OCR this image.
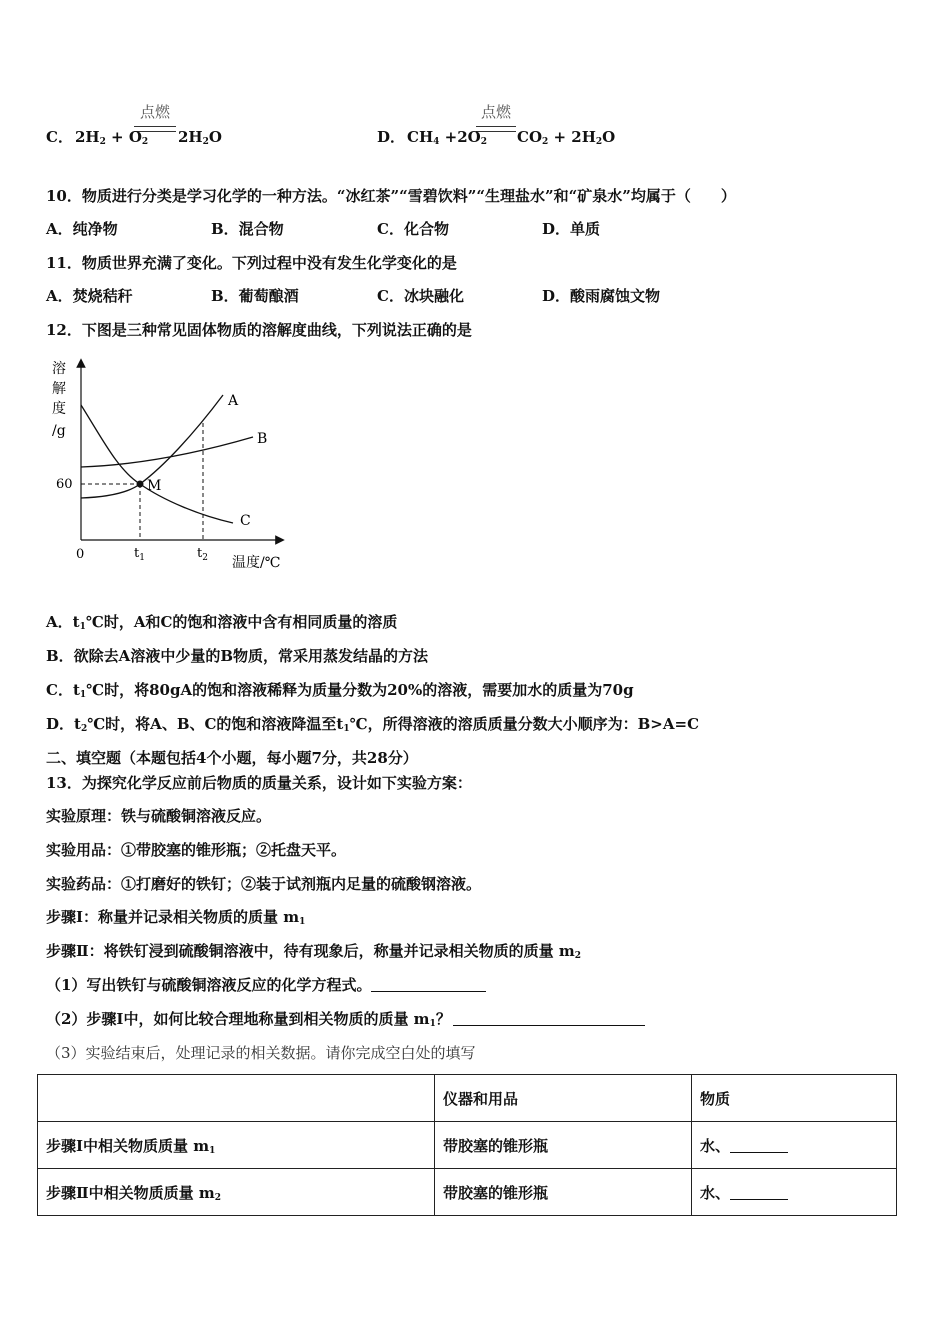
点燃
C． $2H_2 + O_2$ $2H_2O$
点燃
D． $CH_4 +2O_2$ $CO_2 + 2H_2O$
10．物质进行分类是学习化学的一种方法。“冰红茶”“雪碧饮料”“生理盐水”和“矿泉水”均属于（　　）
A．纯净物	B．混合物	C．化合物	D．单质
11．物质世界充满了变化。下列过程中没有发生化学变化的是
A．焚烧秸秆	B．葡萄酿酒	C．冰块融化	D．酸雨腐蚀文物
12．下图是三种常见固体物质的溶解度曲线，下列说法正确的是
溶
解
度
/g
60	M
A
B
C
0	$t_1$	$t_2$ 温度/℃
A．$t_1℃$时，A和C的饱和溶液中含有相同质量的溶质
B．欲除去A溶液中少量的B物质，常采用蒸发结晶的方法
C．$t_1℃$时，将80gA的饱和溶液稀释为质量分数为20%的溶液，需要加水的质量为70g
D．$t_2℃$时，将A、B、C的饱和溶液降温至$t_1℃$，所得溶液的溶质质量分数大小顺序为：B>A=C
二、填空题（本题包括4个小题，每小题7分，共28分）
13．为探究化学反应前后物质的质量关系，设计如下实验方案：
实验原理：铁与硫酸铜溶液反应。
实验用品：①带胶塞的锥形瓶；②托盘天平。
实验药品：①打磨好的铁钉；②装于试剂瓶内足量的硫酸钢溶液。
步骤Ⅰ：称量并记录相关物质的质量 $m_1$
步骤Ⅱ：将铁钉浸到硫酸铜溶液中，待有现象后，称量并记录相关物质的质量 $m_2$
（1）写出铁钉与硫酸铜溶液反应的化学方程式。
（2）步骤Ⅰ中，如何比较合理地称量到相关物质的质量 $m_1$？
（3）实验结束后，处理记录的相关数据。请你完成空白处的填写
	仪器和用品	物质
步骤Ⅰ中相关物质质量 $m_1$	带胶塞的锥形瓶	水、
步骤Ⅱ中相关物质质量 $m_2$	带胶塞的锥形瓶	水、
